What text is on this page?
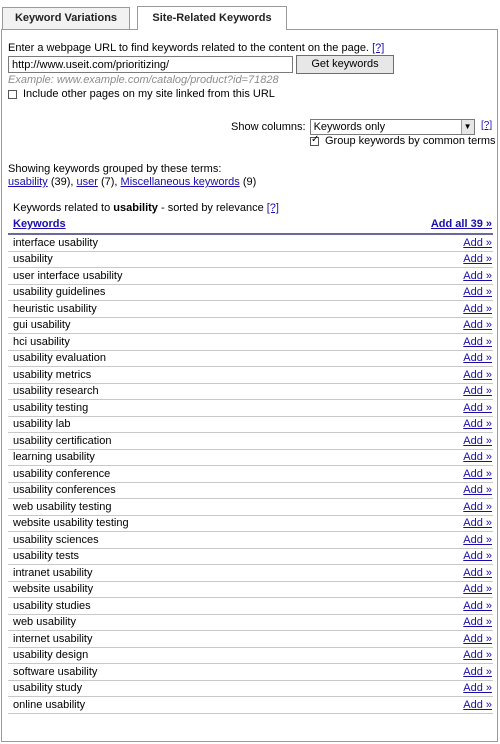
Keyword Variations	Site-Related Keywords
Enter a webpage URL to find keywords related to the content on the page. [?]
http://www.useit.com/prioritizing/
Get keywords
Example: www.example.com/catalog/product?id=71828
Include other pages on my site linked from this URL
Show columns: Keywords only	▼ [?]
✓
Group keywords by common terms
Showing keywords grouped by these terms:
usability (39), user (7), Miscellaneous keywords (9)
Keywords related to usability - sorted by relevance [?]
Keywords	Add all 39 »
interface usability	Add »
usability	Add »
user interface usability	Add »
usability guidelines	Add »
heuristic usability	Add »
gui usability	Add »
hci usability	Add »
usability evaluation	Add »
usability metrics	Add »
usability research	Add »
usability testing	Add »
usability lab	Add »
usability certification	Add »
learning usability	Add »
usability conference	Add »
usability conferences	Add »
web usability testing	Add »
website usability testing	Add »
usability sciences	Add »
usability tests	Add »
intranet usability	Add »
website usability	Add »
usability studies	Add »
web usability	Add »
internet usability	Add »
usability design	Add »
software usability	Add »
usability study	Add »
online usability	Add »
